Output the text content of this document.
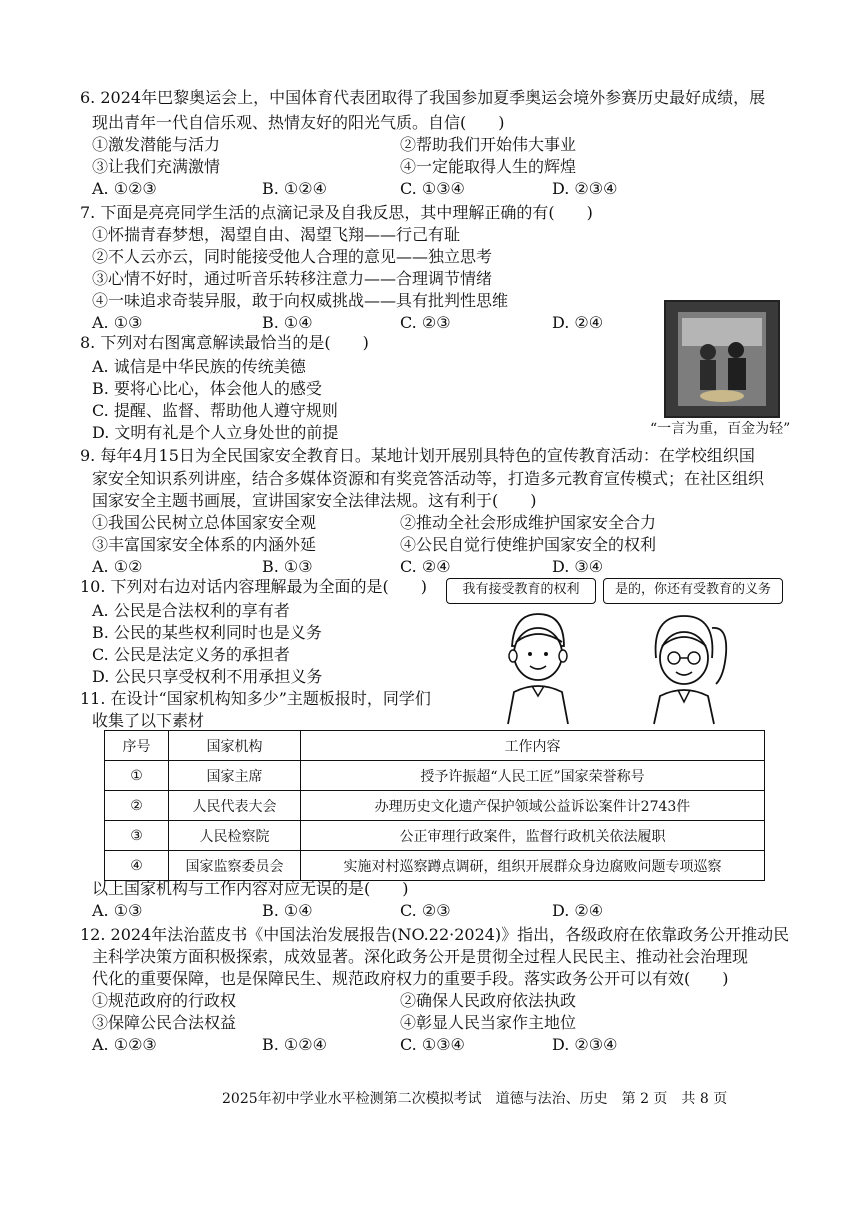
6. 2024年巴黎奥运会上，中国体育代表团取得了我国参加夏季奥运会境外参赛历史最好成绩，展
现出青年一代自信乐观、热情友好的阳光气质。自信(　　)
①激发潜能与活力	②帮助我们开始伟大事业
③让我们充满激情	④一定能取得人生的辉煌
A. ①②③	B. ①②④	C. ①③④	D. ②③④
7. 下面是亮亮同学生活的点滴记录及自我反思，其中理解正确的有(　　)
①怀揣青春梦想，渴望自由、渴望飞翔——行己有耻
②不人云亦云，同时能接受他人合理的意见——独立思考
③心情不好时，通过听音乐转移注意力——合理调节情绪
④一味追求奇装异服，敢于向权威挑战——具有批判性思维
A. ①③	B. ①④	C. ②③	D. ②④
8. 下列对右图寓意解读最恰当的是(　　)
A. 诚信是中华民族的传统美德
B. 要将心比心，体会他人的感受
C. 提醒、监督、帮助他人遵守规则
D. 文明有礼是个人立身处世的前提	“一言为重，百金为轻”
9. 每年4月15日为全民国家安全教育日。某地计划开展别具特色的宣传教育活动：在学校组织国
家安全知识系列讲座，结合多媒体资源和有奖竞答活动等，打造多元教育宣传模式；在社区组织
国家安全主题书画展，宣讲国家安全法律法规。这有利于(　　)
①我国公民树立总体国家安全观	②推动全社会形成维护国家安全合力
③丰富国家安全体系的内涵外延	④公民自觉行使维护国家安全的权利
A. ①②	B. ①③	C. ②④	D. ③④
10. 下列对右边对话内容理解最为全面的是(　　)
A. 公民是合法权利的享有者
B. 公民的某些权利同时也是义务
C. 公民是法定义务的承担者
D. 公民只享受权利不用承担义务
我有接受教育的权利	是的，你还有受教育的义务
11. 在设计“国家机构知多少”主题板报时，同学们
收集了以下素材
序号	国家机构	工作内容
①	国家主席	授予许振超“人民工匠”国家荣誉称号
②	人民代表大会	办理历史文化遗产保护领域公益诉讼案件计2743件
③	人民检察院	公正审理行政案件，监督行政机关依法履职
④	国家监察委员会	实施对村巡察蹲点调研，组织开展群众身边腐败问题专项巡察
以上国家机构与工作内容对应无误的是(　　)
A. ①③	B. ①④	C. ②③	D. ②④
12. 2024年法治蓝皮书《中国法治发展报告(NO.22·2024)》指出，各级政府在依靠政务公开推动民
主科学决策方面积极探索，成效显著。深化政务公开是贯彻全过程人民民主、推动社会治理现
代化的重要保障，也是保障民生、规范政府权力的重要手段。落实政务公开可以有效(　　)
①规范政府的行政权	②确保人民政府依法执政
③保障公民合法权益	④彰显人民当家作主地位
A. ①②③	B. ①②④	C. ①③④	D. ②③④
2025年初中学业水平检测第二次模拟考试　道德与法治、历史　第 2 页　共 8 页
